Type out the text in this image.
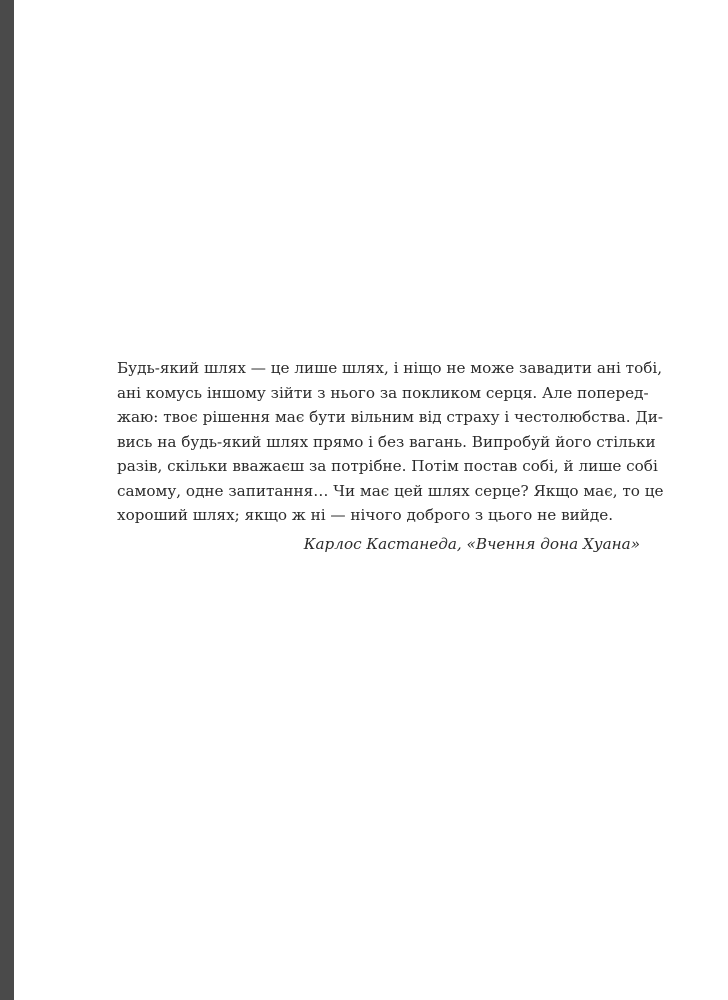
Будь-який шлях — це лише шлях, і ніщо не може завадити ані тобі,
ані комусь іншому зійти з нього за покликом серця. Але поперед-
жаю: твоє рішення має бути вільним від страху і честолюбства. Ди-
вись на будь-який шлях прямо і без вагань. Випробуй його стільки
разів, скільки вважаєш за потрібне. Потім постав собі, й лише собі
самому, одне запитання… Чи має цей шлях серце? Якщо має, то це
хороший шлях; якщо ж ні — нічого доброго з цього не вийде.
Карлос Кастанеда, «Вчення дона Хуана»
